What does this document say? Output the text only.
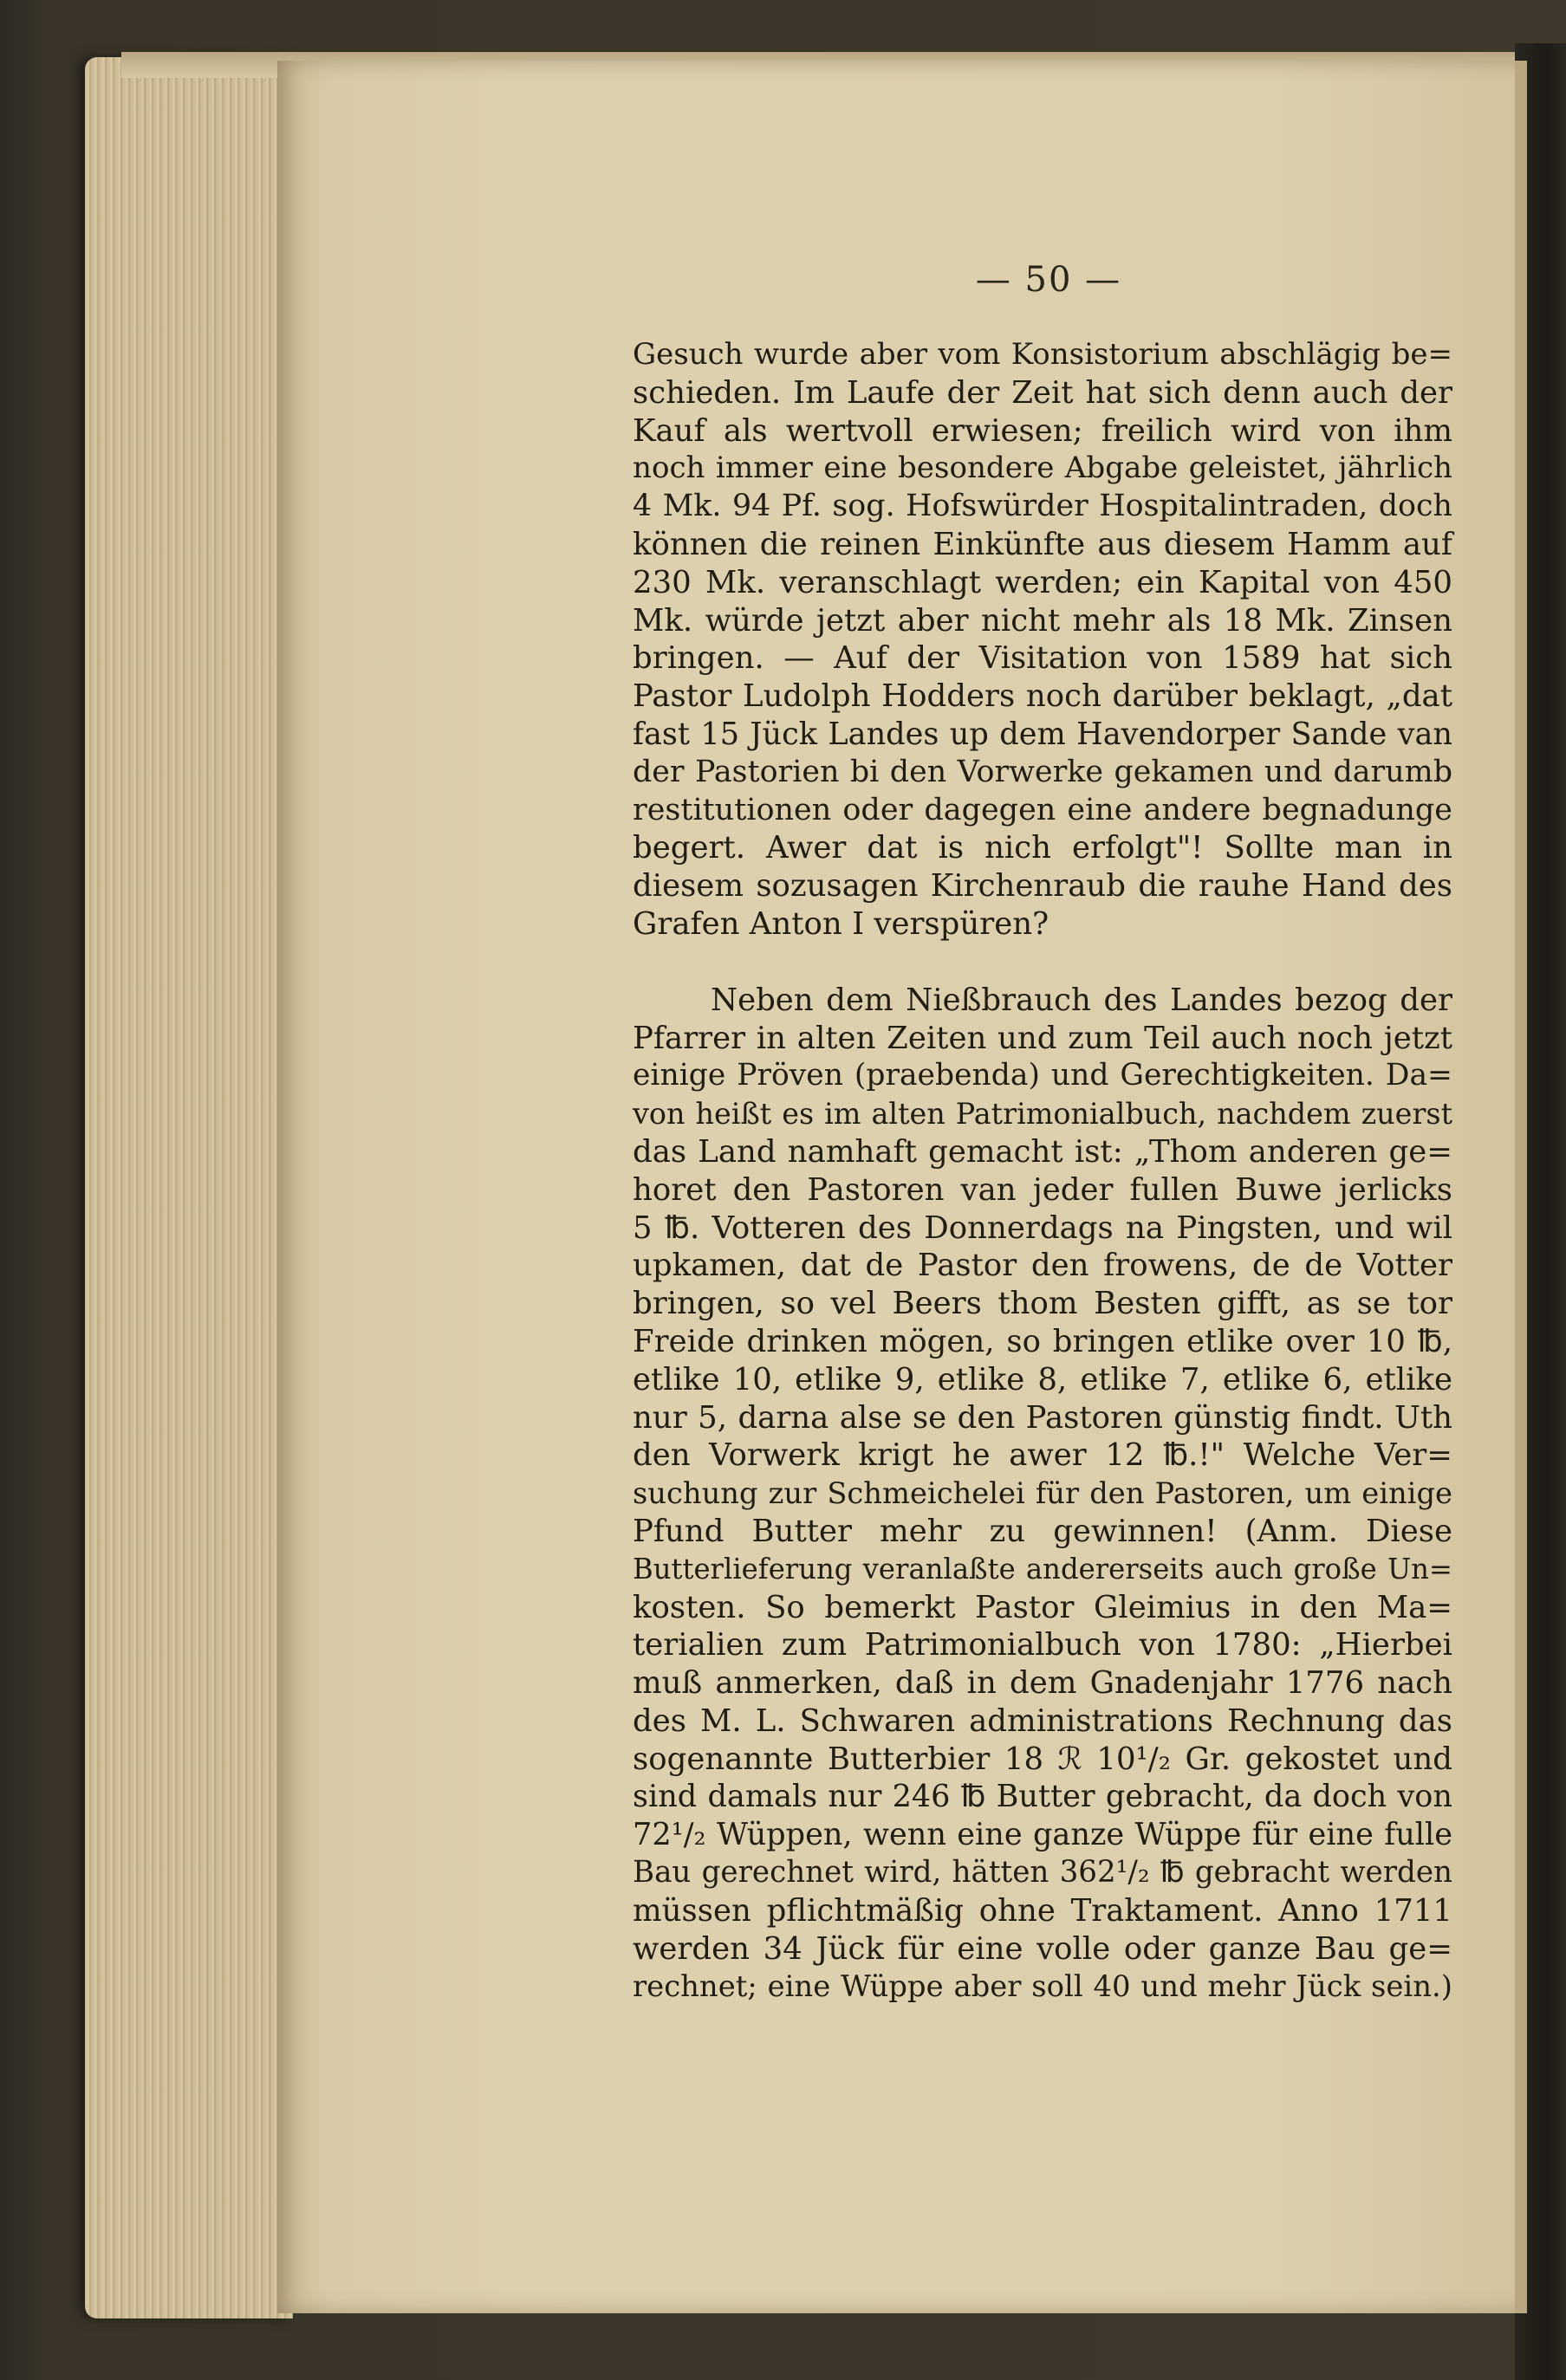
— 50 —
Gesuch wurde aber vom Konsistorium abschlägig be=
schieden. Im Laufe der Zeit hat sich denn auch der
Kauf als wertvoll erwiesen; freilich wird von ihm
noch immer eine besondere Abgabe geleistet, jährlich
4 Mk. 94 Pf. sog. Hofswürder Hospitalintraden, doch
können die reinen Einkünfte aus diesem Hamm auf
230 Mk. veranschlagt werden; ein Kapital von 450
Mk. würde jetzt aber nicht mehr als 18 Mk. Zinsen
bringen. — Auf der Visitation von 1589 hat sich
Pastor Ludolph Hodders noch darüber beklagt, „dat
fast 15 Jück Landes up dem Havendorper Sande van
der Pastorien bi den Vorwerke gekamen und darumb
restitutionen oder dagegen eine andere begnadunge
begert. Awer dat is nich erfolgt"! Sollte man in
diesem sozusagen Kirchenraub die rauhe Hand des
Grafen Anton I verspüren?
Neben dem Nießbrauch des Landes bezog der
Pfarrer in alten Zeiten und zum Teil auch noch jetzt
einige Pröven (praebenda) und Gerechtigkeiten. Da=
von heißt es im alten Patrimonialbuch, nachdem zuerst
das Land namhaft gemacht ist: „Thom anderen ge=
horet den Pastoren van jeder fullen Buwe jerlicks
5 ℔. Votteren des Donnerdags na Pingsten, und wil
upkamen, dat de Pastor den frowens, de de Votter
bringen, so vel Beers thom Besten gifft, as se tor
Freide drinken mögen, so bringen etlike over 10 ℔,
etlike 10, etlike 9, etlike 8, etlike 7, etlike 6, etlike
nur 5, darna alse se den Pastoren günstig findt. Uth
den Vorwerk krigt he awer 12 ℔.!" Welche Ver=
suchung zur Schmeichelei für den Pastoren, um einige
Pfund Butter mehr zu gewinnen! (Anm. Diese
Butterlieferung veranlaßte andererseits auch große Un=
kosten. So bemerkt Pastor Gleimius in den Ma=
terialien zum Patrimonialbuch von 1780: „Hierbei
muß anmerken, daß in dem Gnadenjahr 1776 nach
des M. L. Schwaren administrations Rechnung das
sogenannte Butterbier 18 ℛ 10¹/₂ Gr. gekostet und
sind damals nur 246 ℔ Butter gebracht, da doch von
72¹/₂ Wüppen, wenn eine ganze Wüppe für eine fulle
Bau gerechnet wird, hätten 362¹/₂ ℔ gebracht werden
müssen pflichtmäßig ohne Traktament. Anno 1711
werden 34 Jück für eine volle oder ganze Bau ge=
rechnet; eine Wüppe aber soll 40 und mehr Jück sein.)
